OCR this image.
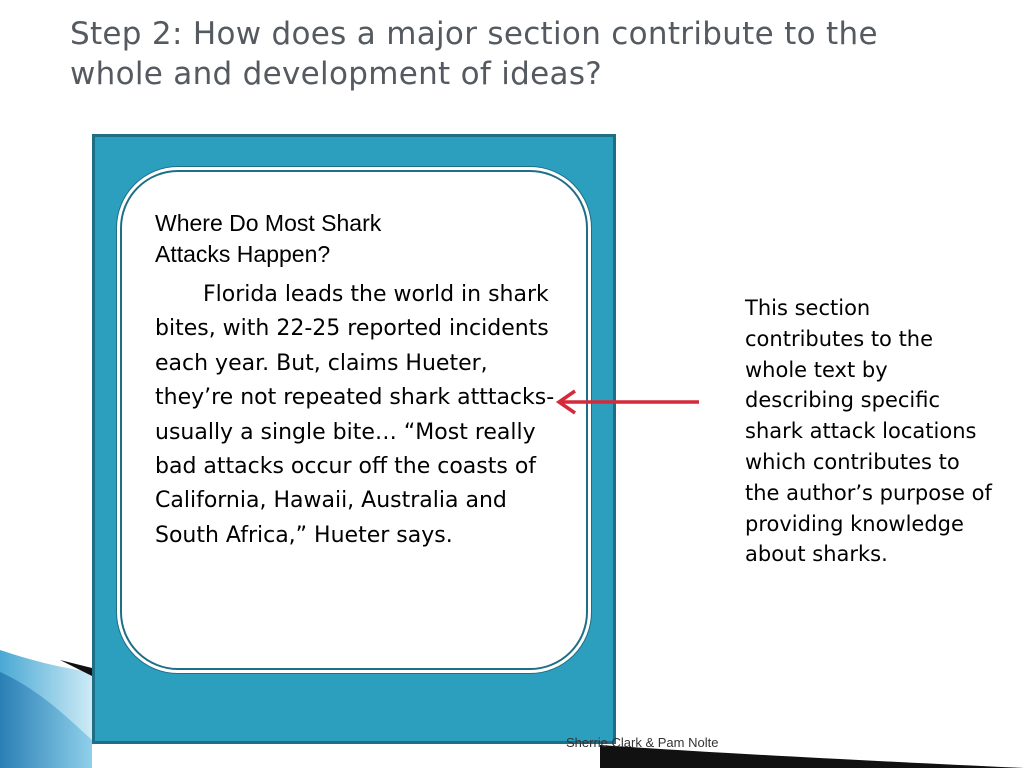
Step 2: How does a major section contribute to the whole and development of ideas?
Where Do Most Shark Attacks Happen?

Florida leads the world in shark bites, with 22-25 reported incidents each year. But, claims Hueter, they’re not repeated shark atttacks-usually a single bite… “Most really bad attacks occur off the coasts of California, Hawaii, Australia and South Africa,” Hueter says.

This section contributes to the whole text by describing specific shark attack locations which contributes to the author’s purpose of providing knowledge about sharks.

Sherrie Clark & Pam Nolte
